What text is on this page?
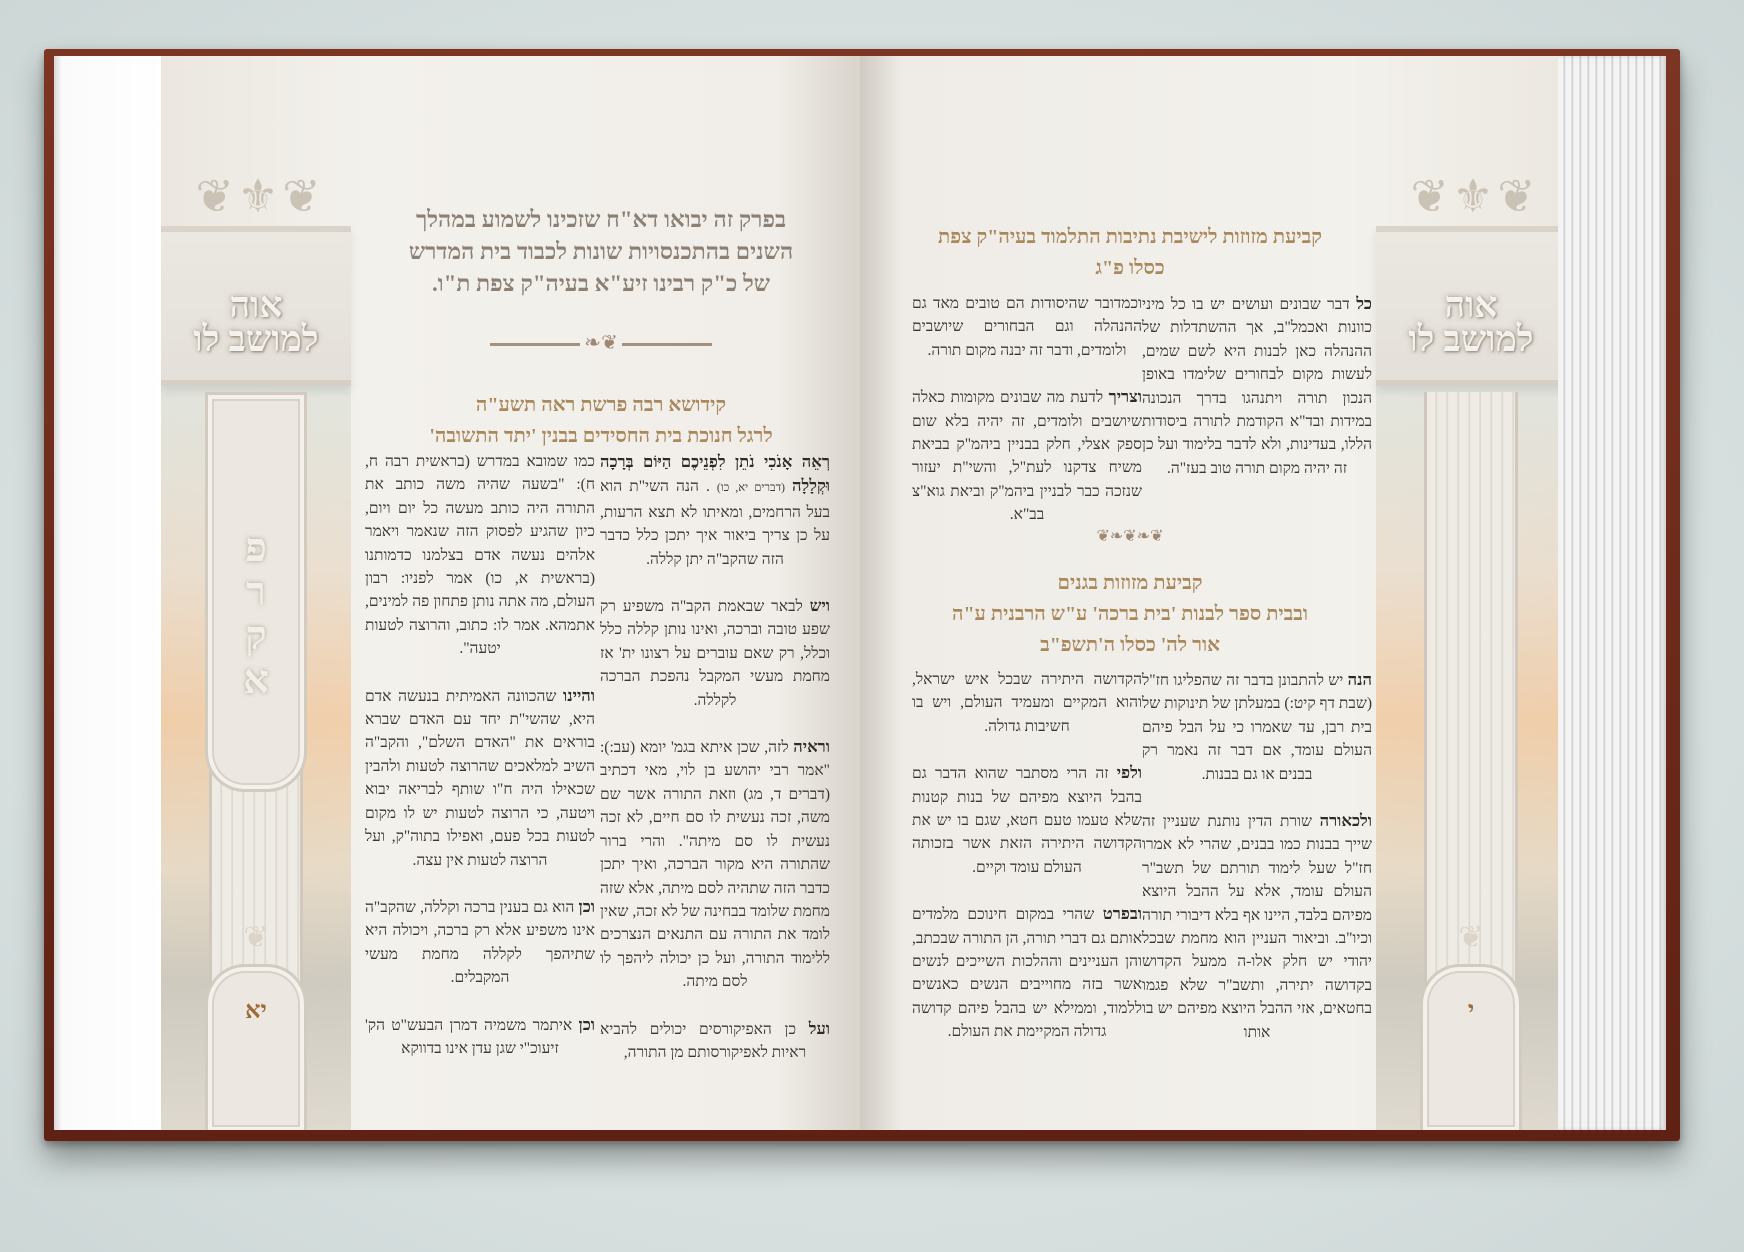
❦ ⚜ ❦
אוה
למושב לו
פ
ר
ק
א
❦
יא
בפרק זה יבואו דא"ח שזכינו לשמוע במהלך
השנים בהתכנסויות שונות לכבוד בית המדרש
של כ"ק רבינו זיע"א בעיה"ק צפת ת"ו.
❧❦
קידושא רבה פרשת ראה תשע"ה
לרגל חנוכת בית החסידים בבנין 'יתד התשובה'

רְאֵה אָנֹכִי נֹתֵן לִפְנֵיכֶם הַיּוֹם בְּרָכָה וּקְלָלָה (דברים יא, כו) . הנה השי"ת הוא בעל הרחמים, ומאיתו לא תצא הרעות, על כן צריך ביאור איך יתכן כלל כדבר הזה שהקב"ה יתן קללה.

ויש לבאר שבאמת הקב"ה משפיע רק שפע טובה וברכה, ואינו נותן קללה כלל וכלל, רק שאם עוברים על רצונו ית' אז מחמת מעשי המקבל נהפכת הברכה לקללה.

וראיה לזה, שכן איתא בגמ' יומא (עב:): "אמר רבי יהושע בן לוי, מאי דכתיב (דברים ד, מג) וזאת התורה אשר שם משה, זכה נעשית לו סם חיים, לא זכה נעשית לו סם מיתה". והרי ברור שהתורה היא מקור הברכה, ואיך יתכן כדבר הזה שתהיה לסם מיתה, אלא שזה מחמת שלומד בבחינה של לא זכה, שאין לומד את התורה עם התנאים הנצרכים ללימוד התורה, ועל כן יכולה ליהפך לו לסם מיתה.

ועל כן האפיקורסים יכולים להביא ראיות לאפיקורסותם מן התורה,

כמו שמובא במדרש (בראשית רבה ח, ח): "בשעה שהיה משה כותב את התורה היה כותב מעשה כל יום ויום, כיון שהגיע לפסוק הזה שנאמר ויאמר אלהים נעשה אדם בצלמנו כדמותנו (בראשית א, כו) אמר לפניו: רבון העולם, מה אתה נותן פתחון פה למינים, אתמהא. אמר לו: כתוב, והרוצה לטעות יטעה".

והיינו שהכוונה האמיתית בנעשה אדם היא, שהשי"ת יחד עם האדם שברא בוראים את "האדם השלם", והקב"ה השיב למלאכים שהרוצה לטעות ולהבין שכאילו היה ח"ו שותף לבריאה יבוא ויטעה, כי הרוצה לטעות יש לו מקום לטעות בכל פעם, ואפילו בתוה"ק, ועל הרוצה לטעות אין עצה.

וכן הוא גם בענין ברכה וקללה, שהקב"ה אינו משפיע אלא רק ברכה, ויכולה היא שתיהפך לקללה מחמת מעשי המקבלים.

וכן איתמר משמיה דמרן הבעש"ט הק' זיעוכ"י שגן עדן אינו בדווקא

קביעת מזוזות לישיבת נתיבות התלמוד בעיה"ק צפת
כסלו פ"ג

כל דבר שבונים ועושים יש בו כל מיני כוונות ואכמל"ב, אך ההשתדלות של ההנהלה כאן לבנות היא לשם שמים, לעשות מקום לבחורים שלימדו באופן הנכון תורה ויתנהגו בדרך הנכונה במידות ובד"א הקודמת לתורה ביסודות הללו, בעדינות, ולא לדבר בלימוד ועל כן זה יהיה מקום תורה טוב בעז"ה.

וכמדובר שהיסודות הם טובים מאד גם ההנהלה וגם הבחורים שיושבים ולומדים, ודבר זה יבנה מקום תורה.

וצריך לדעת מה שבונים מקומות כאלה שיושבים ולומדים, זה יהיה בלא שום ספק אצלי, חלק בבניין ביהמ"ק בביאת משיח צדקנו לעת"ל, והשי"ת יעזור שנזכה כבר לבניין ביהמ"ק וביאת גוא"צ בב"א.

❦❧❦❧❦
קביעת מזוזות בגנים
ובבית ספר לבנות 'בית ברכה' ע"ש הרבנית ע"ה
אור לה' כסלו ה'תשפ"ב

הנה יש להתבונן בדבר זה שהפליגו חז"ל (שבת דף קיט:) במעלתן של תינוקות של בית רבן, עד שאמרו כי על הבל פיהם העולם עומד, אם דבר זה נאמר רק בבנים או גם בבנות.

ולכאורה שורת הדין נותנת שעניין זה שייך בבנות כמו בבנים, שהרי לא אמרו חז"ל שעל לימוד תורתם של תשב"ר העולם עומד, אלא על ההבל היוצא מפיהם בלבד, היינו אף בלא דיבורי תורה וכיו"ב. וביאור העניין הוא מחמת שבכל יהודי יש חלק אלו-ה ממעל הקדוש בקדושה יתירה, ותשב"ר שלא פגמו בחטאים, אזי ההבל היוצא מפיהם יש בו אותו

הקדושה היתירה שבכל איש ישראל, והוא המקיים ומעמיד העולם, ויש בו חשיבות גדולה.

ולפי זה הרי מסתבר שהוא הדבר גם בהבל היוצא מפיהם של בנות קטנות שלא טעמו טעם חטא, שגם בו יש את הקדושה היתירה הזאת אשר בזכותה העולם עומד וקיים.

ובפרט שהרי במקום חינוכם מלמדים אותם גם דברי תורה, הן התורה שבכתב, והן העניינים וההלכות השייכים לנשים אשר בזה מחוייבים הנשים כאנשים ללמוד, וממילא יש בהבל פיהם קדושה גדולה המקיימת את העולם.

❦ ⚜ ❦
אוה
למושב לו
❦
י
